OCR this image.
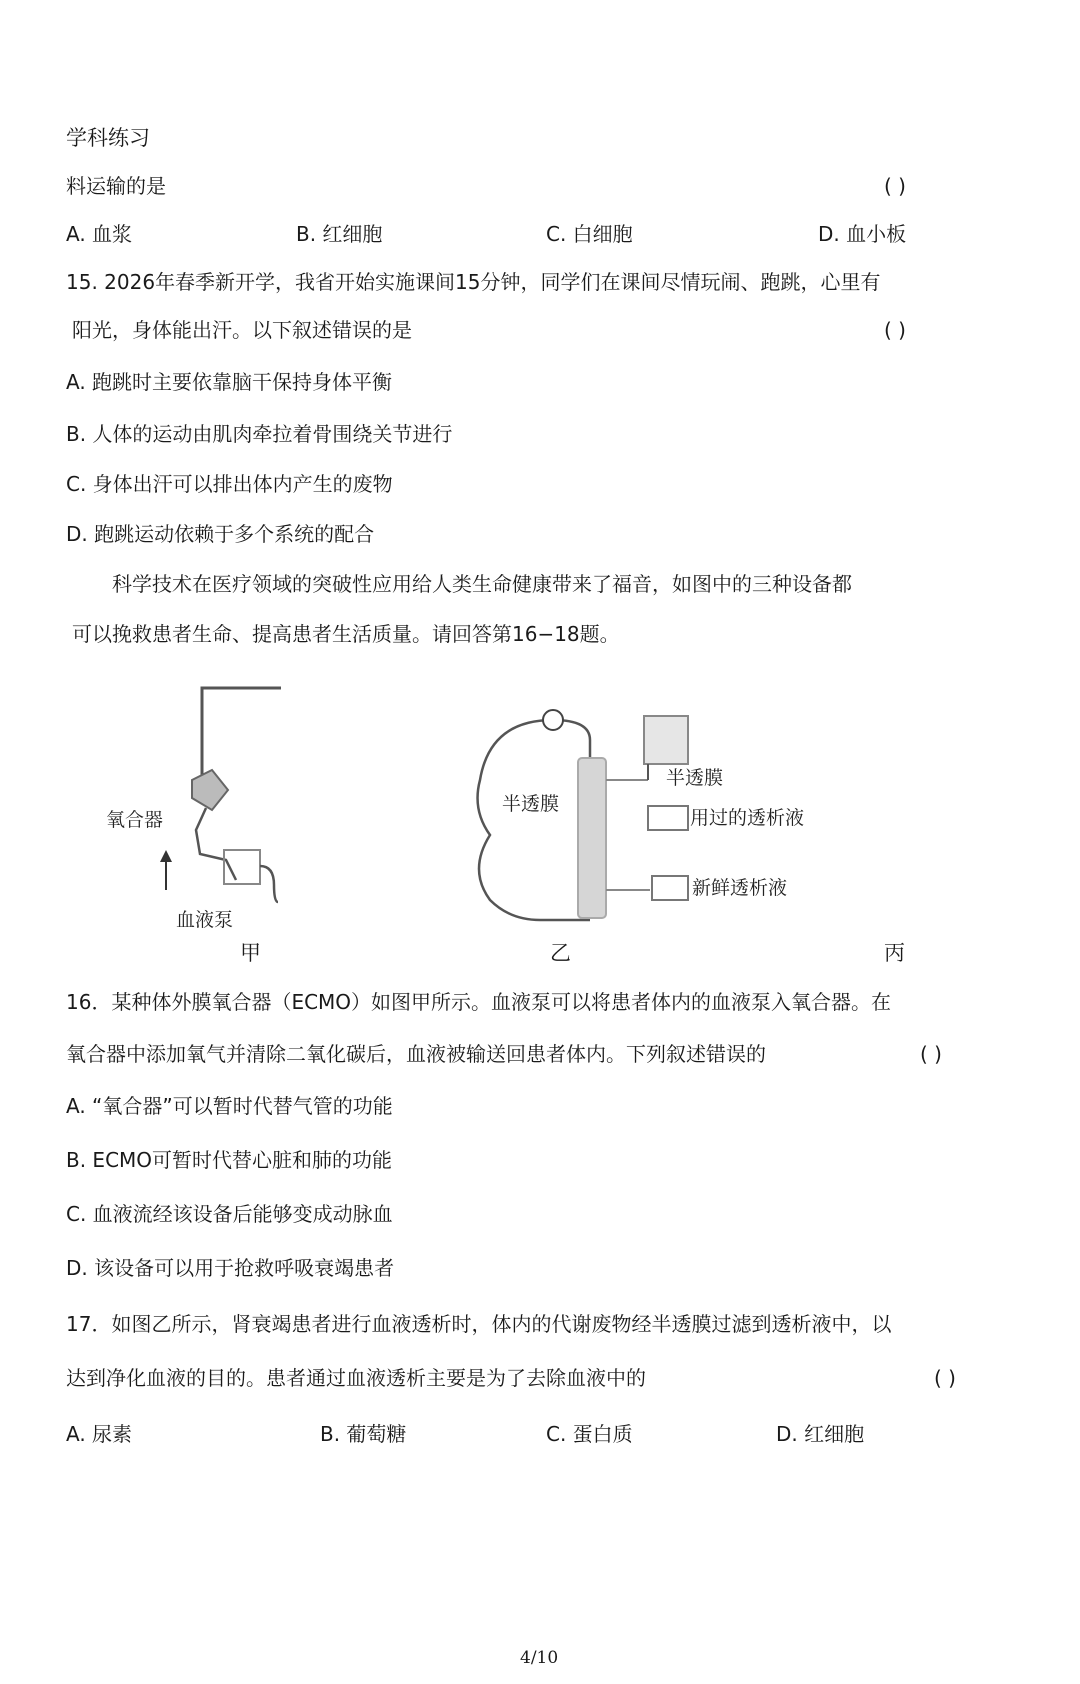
学科练习
料运输的是	( )
A. 血浆	B. 红细胞	C. 白细胞	D. 血小板
15. 2026年春季新开学，我省开始实施课间15分钟，同学们在课间尽情玩闹、跑跳，心里有
阳光，身体能出汗。以下叙述错误的是	( )
A. 跑跳时主要依靠脑干保持身体平衡
B. 人体的运动由肌肉牵拉着骨围绕关节进行
C. 身体出汗可以排出体内产生的废物
D. 跑跳运动依赖于多个系统的配合
科学技术在医疗领域的突破性应用给人类生命健康带来了福音，如图中的三种设备都
可以挽救患者生命、提高患者生活质量。请回答第16−18题。
氧合器
血液泵
甲
半透膜
乙
半透膜
用过的透析液
新鲜透析液
丙
16．某种体外膜氧合器（ECMO）如图甲所示。血液泵可以将患者体内的血液泵入氧合器。在
氧合器中添加氧气并清除二氧化碳后，血液被输送回患者体内。下列叙述错误的	( )
A. “氧合器”可以暂时代替气管的功能
B. ECMO可暂时代替心脏和肺的功能
C. 血液流经该设备后能够变成动脉血
D. 该设备可以用于抢救呼吸衰竭患者
17．如图乙所示，肾衰竭患者进行血液透析时，体内的代谢废物经半透膜过滤到透析液中，以
达到净化血液的目的。患者通过血液透析主要是为了去除血液中的	( )
A. 尿素	B. 葡萄糖	C. 蛋白质	D. 红细胞
4/10
